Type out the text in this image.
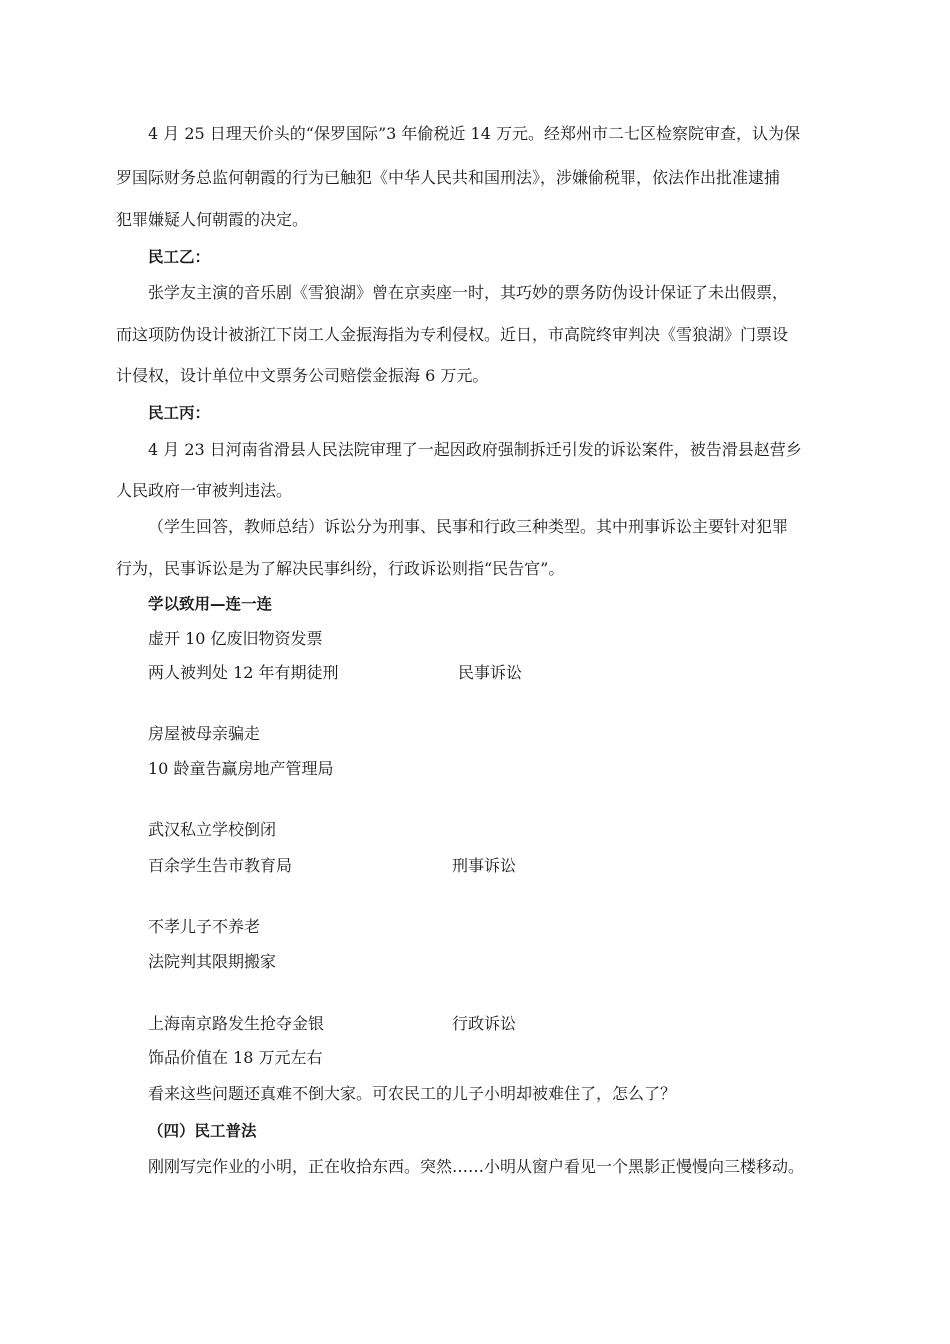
4 月 25 日理天价头的“保罗国际”3 年偷税近 14 万元。经郑州市二七区检察院审查，认为保
罗国际财务总监何朝霞的行为已触犯《中华人民共和国刑法》，涉嫌偷税罪，依法作出批准逮捕
犯罪嫌疑人何朝霞的决定。
民工乙：
张学友主演的音乐剧《雪狼湖》曾在京卖座一时，其巧妙的票务防伪设计保证了未出假票，
而这项防伪设计被浙江下岗工人金振海指为专利侵权。近日，市高院终审判决《雪狼湖》门票设
计侵权，设计单位中文票务公司赔偿金振海 6 万元。
民工丙：
4 月 23 日河南省滑县人民法院审理了一起因政府强制拆迁引发的诉讼案件，被告滑县赵营乡
人民政府一审被判违法。
（学生回答，教师总结）诉讼分为刑事、民事和行政三种类型。其中刑事诉讼主要针对犯罪
行为，民事诉讼是为了解决民事纠纷，行政诉讼则指“民告官”。
学以致用—连一连
虚开 10 亿废旧物资发票
两人被判处 12 年有期徒刑	民事诉讼
房屋被母亲骗走
10 龄童告赢房地产管理局
武汉私立学校倒闭
百余学生告市教育局	刑事诉讼
不孝儿子不养老
法院判其限期搬家
上海南京路发生抢夺金银	行政诉讼
饰品价值在 18 万元左右
看来这些问题还真难不倒大家。可农民工的儿子小明却被难住了，怎么了？
（四）民工普法
刚刚写完作业的小明，正在收拾东西。突然……小明从窗户看见一个黑影正慢慢向三楼移动。
